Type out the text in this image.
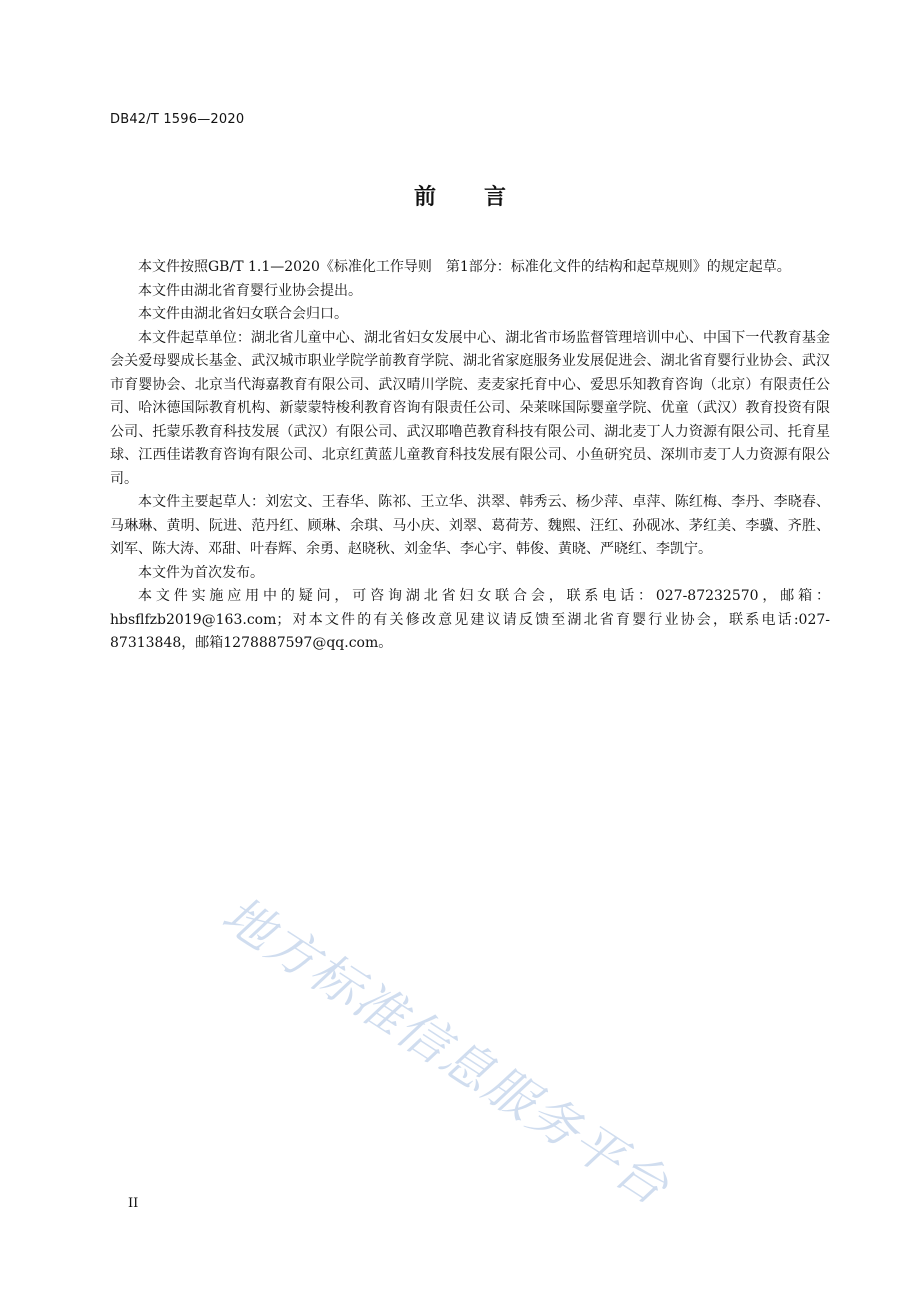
DB42/T 1596—2020

前言

本文件按照GB/T 1.1—2020《标准化工作导则　第1部分：标准化文件的结构和起草规则》的规定起草。

本文件由湖北省育婴行业协会提出。

本文件由湖北省妇女联合会归口。

本文件起草单位：湖北省儿童中心、湖北省妇女发展中心、湖北省市场监督管理培训中心、中国下一代教育基金会关爱母婴成长基金、武汉城市职业学院学前教育学院、湖北省家庭服务业发展促进会、湖北省育婴行业协会、武汉市育婴协会、北京当代海嘉教育有限公司、武汉晴川学院、麦麦家托育中心、爱思乐知教育咨询（北京）有限责任公司、哈沐德国际教育机构、新蒙蒙特梭利教育咨询有限责任公司、朵莱咪国际婴童学院、优童（武汉）教育投资有限公司、托蒙乐教育科技发展（武汉）有限公司、武汉耶噜芭教育科技有限公司、湖北麦丁人力资源有限公司、托育星球、江西佳诺教育咨询有限公司、北京红黄蓝儿童教育科技发展有限公司、小鱼研究员、深圳市麦丁人力资源有限公司。

本文件主要起草人：刘宏文、王春华、陈祁、王立华、洪翠、韩秀云、杨少萍、卓萍、陈红梅、李丹、李晓春、马琳琳、黄明、阮进、范丹红、顾琳、余琪、马小庆、刘翠、葛荷芳、魏熙、汪红、孙砚冰、茅红美、李骥、齐胜、刘军、陈大涛、邓甜、叶春辉、余勇、赵晓秋、刘金华、李心宇、韩俊、黄晓、严晓红、李凯宁。

本文件为首次发布。

本文件实施应用中的疑问，可咨询湖北省妇女联合会，联系电话：027-87232570，邮箱：hbsflfzb2019@163.com；对本文件的有关修改意见建议请反馈至湖北省育婴行业协会，联系电话:027-87313848，邮箱1278887597@qq.com。

地方标准信息服务平台

II
